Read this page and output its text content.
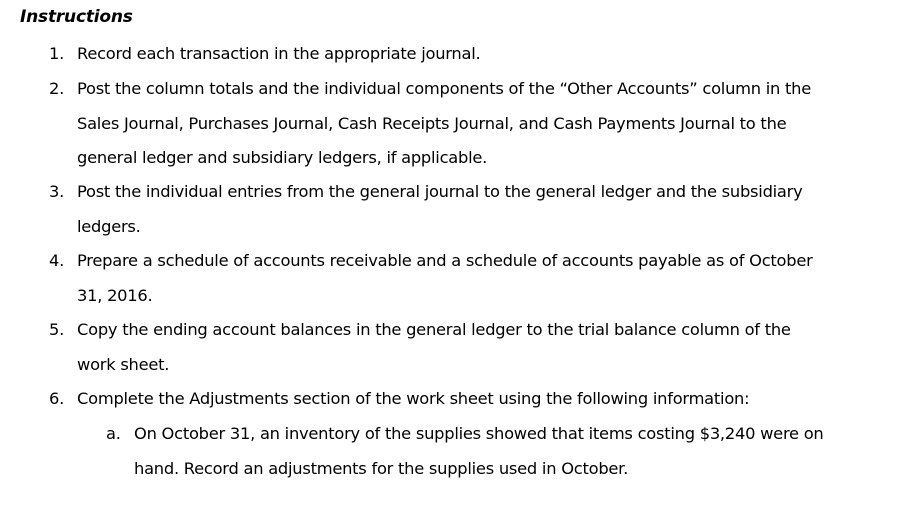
Instructions
1. Record each transaction in the appropriate journal.
2. Post the column totals and the individual components of the “Other Accounts” column in the
Sales Journal, Purchases Journal, Cash Receipts Journal, and Cash Payments Journal to the
general ledger and subsidiary ledgers, if applicable.
3. Post the individual entries from the general journal to the general ledger and the subsidiary
ledgers.
4. Prepare a schedule of accounts receivable and a schedule of accounts payable as of October
31, 2016.
5. Copy the ending account balances in the general ledger to the trial balance column of the
work sheet.
6. Complete the Adjustments section of the work sheet using the following information:
a. On October 31, an inventory of the supplies showed that items costing $3,240 were on
hand. Record an adjustments for the supplies used in October.
